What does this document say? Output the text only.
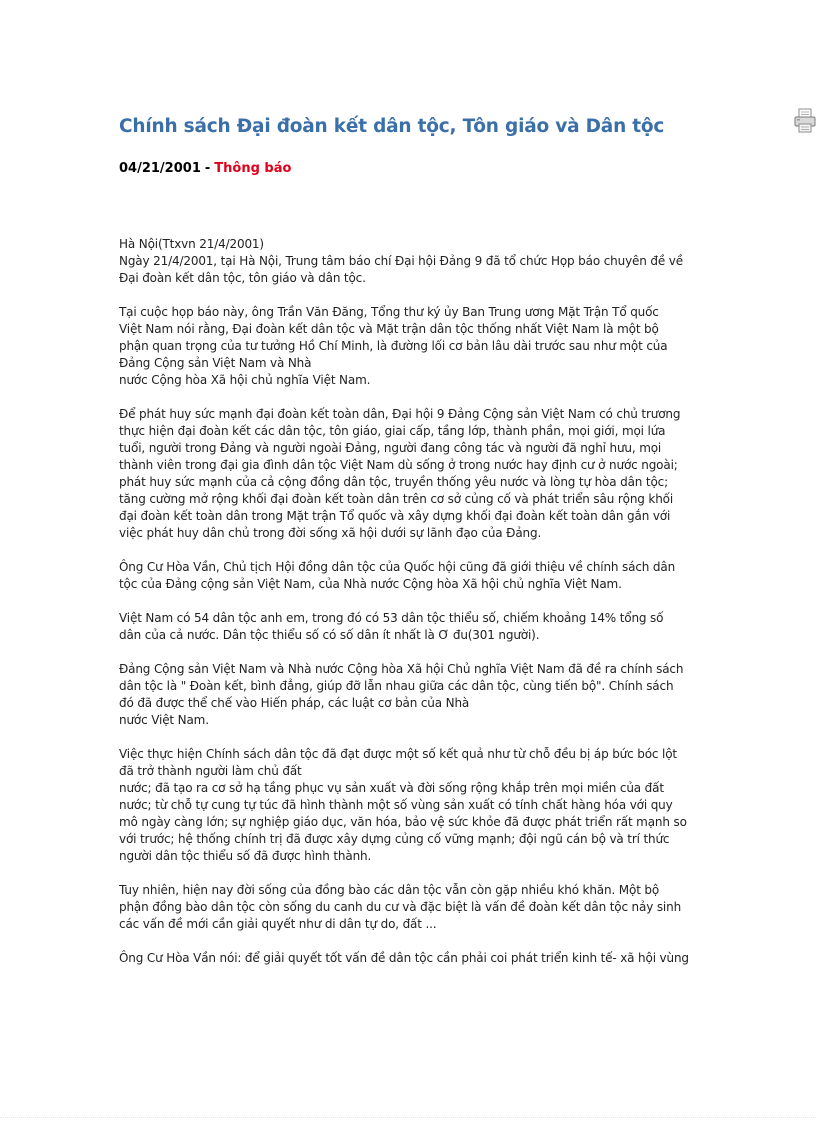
Chính sách Đại đoàn kết dân tộc, Tôn giáo và Dân tộc
04/21/2001 - Thông báo

Hà Nội(Ttxvn 21/4/2001)
Ngày 21/4/2001, tại Hà Nội, Trung tâm báo chí Đại hội Đảng 9 đã tổ chức Họp báo chuyên đề về
Đại đoàn kết dân tộc, tôn giáo và dân tộc.

Tại cuộc họp báo này, ông Trần Văn Đăng, Tổng thư ký ủy Ban Trung ương Mặt Trận Tổ quốc
Việt Nam nói rằng, Đại đoàn kết dân tộc và Mặt trận dân tộc thống nhất Việt Nam là một bộ
phận quan trọng của tư tưởng Hồ Chí Minh, là đường lối cơ bản lâu dài trước sau như một của
Đảng Cộng sản Việt Nam và Nhà
nước Cộng hòa Xã hội chủ nghĩa Việt Nam.

Để phát huy sức mạnh đại đoàn kết toàn dân, Đại hội 9 Đảng Cộng sản Việt Nam có chủ trương
thực hiện đại đoàn kết các dân tộc, tôn giáo, giai cấp, tầng lớp, thành phần, mọi giới, mọi lứa
tuổi, người trong Đảng và người ngoài Đảng, người đang công tác và người đã nghỉ hưu, mọi
thành viên trong đại gia đình dân tộc Việt Nam dù sống ở trong nước hay định cư ở nước ngoài;
phát huy sức mạnh của cả cộng đồng dân tộc, truyền thống yêu nước và lòng tự hòa dân tộc;
tăng cường mở rộng khối đại đoàn kết toàn dân trên cơ sở củng cố và phát triển sâu rộng khối
đại đoàn kết toàn dân trong Mặt trận Tổ quốc và xây dựng khối đại đoàn kết toàn dân gắn với
việc phát huy dân chủ trong đời sống xã hội dưới sự lãnh đạo của Đảng.

Ông Cư Hòa Vần, Chủ tịch Hội đồng dân tộc của Quốc hội cũng đã giới thiệu về chính sách dân
tộc của Đảng cộng sản Việt Nam, của Nhà nước Cộng hòa Xã hội chủ nghĩa Việt Nam.

Việt Nam có 54 dân tộc anh em, trong đó có 53 dân tộc thiểu số, chiếm khoảng 14% tổng số
dân của cả nước. Dân tộc thiểu số có số dân ít nhất là Ơ đu(301 người).

Đảng Cộng sản Việt Nam và Nhà nước Cộng hòa Xã hội Chủ nghĩa Việt Nam đã đề ra chính sách
dân tộc là " Đoàn kết, bình đẳng, giúp đỡ lẫn nhau giữa các dân tộc, cùng tiến bộ". Chính sách
đó đã được thể chế vào Hiến pháp, các luật cơ bản của Nhà
nước Việt Nam.

Việc thực hiện Chính sách dân tộc đã đạt được một số kết quả như từ chỗ đều bị áp bức bóc lột
đã trở thành người làm chủ đất
nước; đã tạo ra cơ sở hạ tầng phục vụ sản xuất và đời sống rộng khắp trên mọi miền của đất
nước; từ chỗ tự cung tự túc đã hình thành một số vùng sản xuất có tính chất hàng hóa với quy
mô ngày càng lớn; sự nghiệp giáo dục, văn hóa, bảo vệ sức khỏe đã được phát triển rất mạnh so
với trước; hệ thống chính trị đã được xây dựng củng cố vững mạnh; đội ngũ cán bộ và trí thức
người dân tộc thiểu số đã được hình thành.

Tuy nhiên, hiện nay đời sống của đồng bào các dân tộc vẫn còn gặp nhiều khó khăn. Một bộ
phận đồng bào dân tộc còn sống du canh du cư và đặc biệt là vấn đề đoàn kết dân tộc nảy sinh
các vấn đề mới cần giải quyết như di dân tự do, đất ...

Ông Cư Hòa Vần nói: để giải quyết tốt vấn đề dân tộc cần phải coi phát triển kinh tế- xã hội vùng
